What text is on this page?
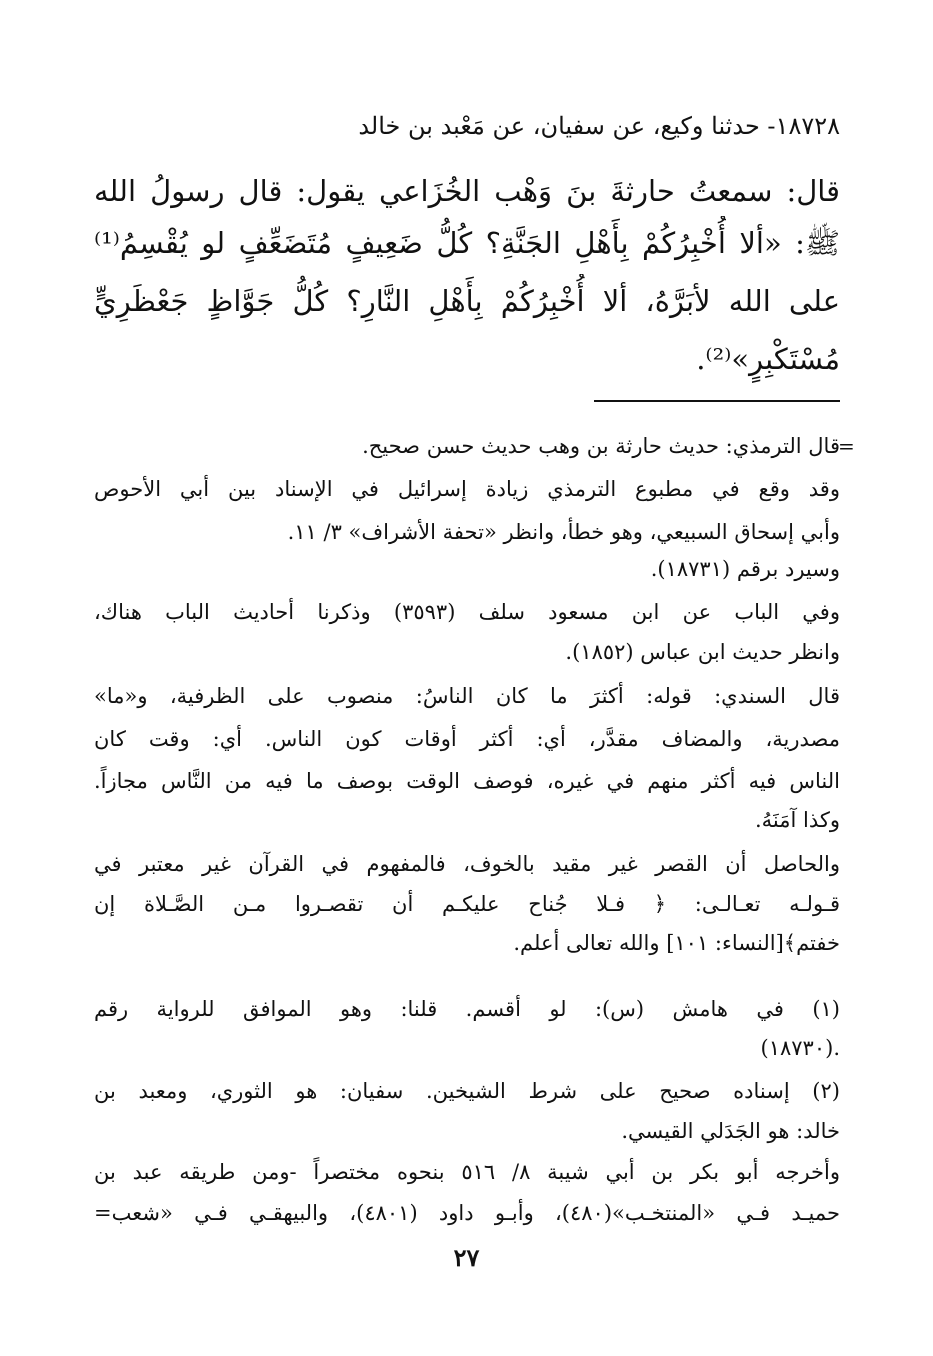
١٨٧٢٨- حدثنا وكيع، عن سفيان، عن مَعْبد بن خالد
قال: سمعتُ حارثةَ بنَ وَهْب الخُزَاعي يقول: قال رسولُ الله
ﷺ: «ألا أُخْبِرُكُمْ بِأَهْلِ الجَنَّةِ؟ كُلُّ ضَعِيفٍ مُتَضَعِّفٍ لو يُقْسِمُ⁽¹⁾
على الله لأبَرَّهُ، ألا أُخْبِرُكُمْ بِأَهْلِ النَّارِ؟ كُلُّ جَوَّاظٍ جَعْظَرِيٍّ
مُسْتَكْبِرٍ»⁽²⁾.
=
قال الترمذي: حديث حارثة بن وهب حديث حسن صحيح.
وقد وقع في مطبوع الترمذي زيادة إسرائيل في الإسناد بين أبي الأحوص
وأبي إسحاق السبيعي، وهو خطأ، وانظر «تحفة الأشراف» ٣/ ١١.
وسيرد برقم (١٨٧٣١).
وفي الباب عن ابن مسعود سلف (٣٥٩٣) وذكرنا أحاديث الباب هناك،
وانظر حديث ابن عباس (١٨٥٢).
قال السندي: قوله: أكثرَ ما كان الناسُ: منصوب على الظرفية، و«ما»
مصدرية، والمضاف مقدَّر، أي: أكثر أوقات كون الناس. أي: وقت كان
الناس فيه أكثر منهم في غيره، فوصف الوقت بوصف ما فيه من النَّاس مجازاً.
وكذا آمَنَهُ.
والحاصل أن القصر غير مقيد بالخوف، فالمفهوم في القرآن غير معتبر في
قـولـه تعـالـى: ﴿ فـلا جُناح عليكـم أن تقصـروا مـن الصَّـلاة إن
خفتم﴾[النساء: ١٠١] والله تعالى أعلم.
(١) في هامش (س): لو أقسم. قلنا: وهو الموافق للرواية رقم
(١٨٧٣٠).
(٢) إسناده صحيح على شرط الشيخين. سفيان: هو الثوري، ومعبد بن
خالد: هو الجَدَلي القيسي.
وأخرجه أبو بكر بن أبي شيبة ٨/ ٥١٦ بنحوه مختصراً -ومن طريقه عبد بن
حميـد فـي «المنتخـب»(٤٨٠)، وأبـو داود (٤٨٠١)، والبيهقـي فـي «شعب=
٢٧
